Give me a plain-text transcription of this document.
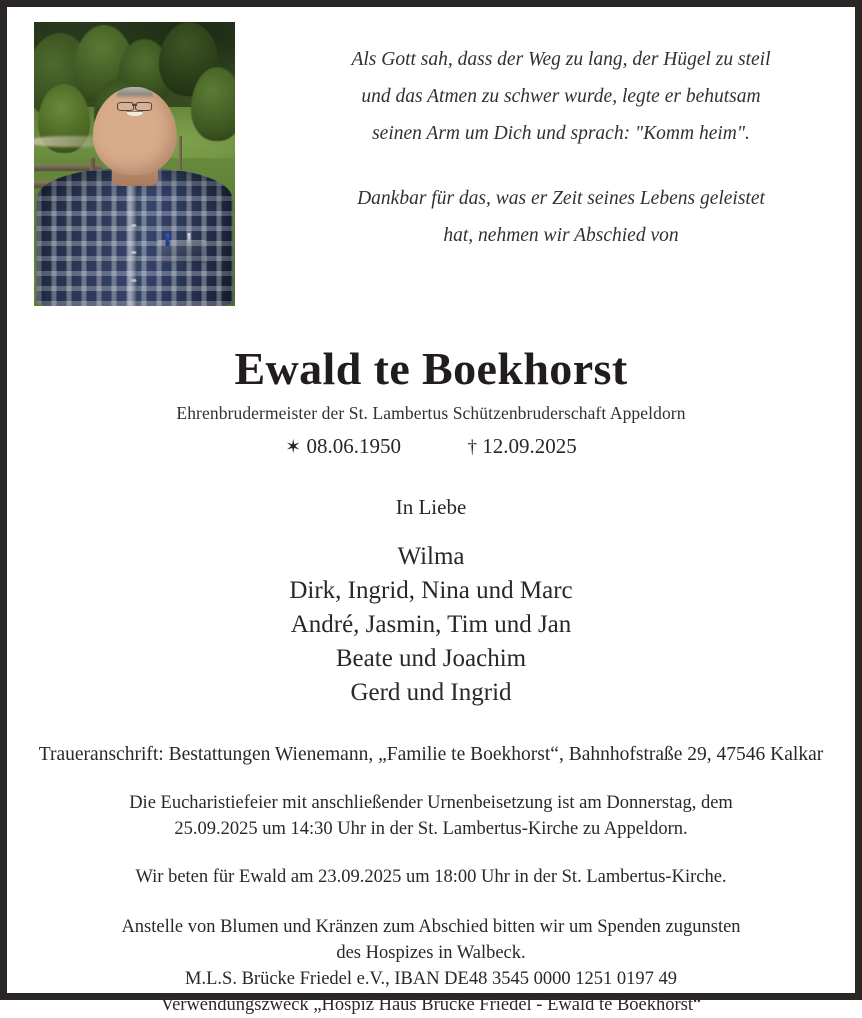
Als Gott sah, dass der Weg zu lang, der Hügel zu steil
und das Atmen zu schwer wurde, legte er behutsam
seinen Arm um Dich und sprach: "Komm heim".
Dankbar für das, was er Zeit seines Lebens geleistet
hat, nehmen wir Abschied von
Ewald te Boekhorst
Ehrenbrudermeister der St. Lambertus Schützenbruderschaft Appeldorn
✶ 08.06.1950	† 12.09.2025
In Liebe
Wilma
Dirk, Ingrid, Nina und Marc
André, Jasmin, Tim und Jan
Beate und Joachim
Gerd und Ingrid
Traueranschrift: Bestattungen Wienemann, „Familie te Boekhorst“, Bahnhofstraße 29, 47546 Kalkar
Die Eucharistiefeier mit anschließender Urnenbeisetzung ist am Donnerstag, dem
25.09.2025 um 14:30 Uhr in der St. Lambertus-Kirche zu Appeldorn.
Wir beten für Ewald am 23.09.2025 um 18:00 Uhr in der St. Lambertus-Kirche.
Anstelle von Blumen und Kränzen zum Abschied bitten wir um Spenden zugunsten
des Hospizes in Walbeck.
M.L.S. Brücke Friedel e.V., IBAN DE48 3545 0000 1251 0197 49
Verwendungszweck „Hospiz Haus Brücke Friedel - Ewald te Boekhorst“
